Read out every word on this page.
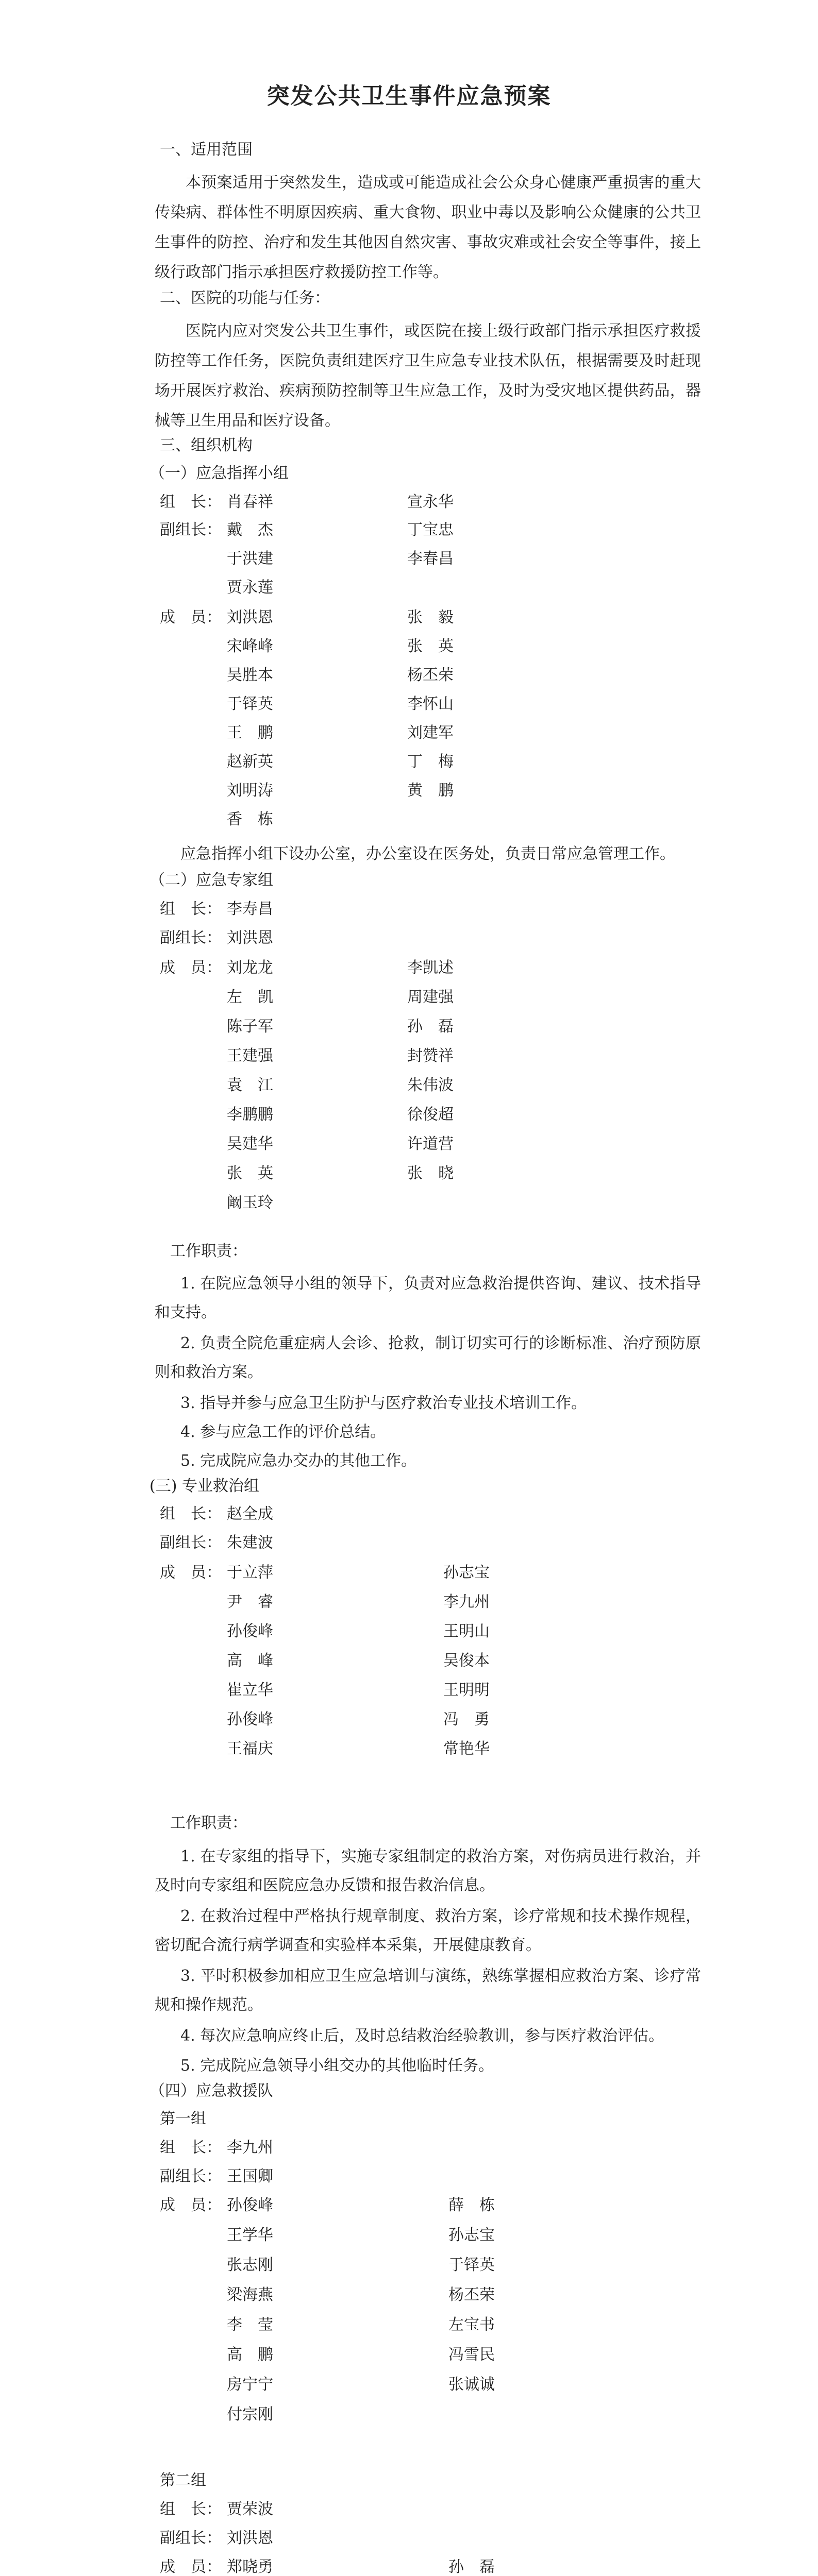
突发公共卫生事件应急预案
一、适用范围
本预案适用于突然发生，造成或可能造成社会公众身心健康严重损害的重大传染病、群体性不明原因疾病、重大食物、职业中毒以及影响公众健康的公共卫生事件的防控、治疗和发生其他因自然灾害、事故灾难或社会安全等事件，接上级行政部门指示承担医疗救援防控工作等。
二、医院的功能与任务：
医院内应对突发公共卫生事件，或医院在接上级行政部门指示承担医疗救援防控等工作任务，医院负责组建医疗卫生应急专业技术队伍，根据需要及时赶现场开展医疗救治、疾病预防控制等卫生应急工作，及时为受灾地区提供药品，器械等卫生用品和医疗设备。
三、组织机构
（一）应急指挥小组
组　长： 肖春祥	宣永华
副组长： 戴　杰
于洪建
贾永莲
丁宝忠
李春昌
成　员： 刘洪恩
宋峰峰
吴胜本
于铎英
王　鹏
赵新英
刘明涛
香　栋
张　毅
张　英
杨丕荣
李怀山
刘建军
丁　梅
黄　鹏
应急指挥小组下设办公室，办公室设在医务处，负责日常应急管理工作。
（二）应急专家组
组　长： 李寿昌
副组长： 刘洪恩
成　员： 刘龙龙
左　凯
陈子军
王建强
袁　江
李鹏鹏
吴建华
张　英
阚玉玲
李凯述
周建强
孙　磊
封赞祥
朱伟波
徐俊超
许道营
张　晓
工作职责：
1. 在院应急领导小组的领导下，负责对应急救治提供咨询、建议、技术指导和支持。
2. 负责全院危重症病人会诊、抢救，制订切实可行的诊断标准、治疗预防原则和救治方案。
3. 指导并参与应急卫生防护与医疗救治专业技术培训工作。
4. 参与应急工作的评价总结。
5. 完成院应急办交办的其他工作。
(三) 专业救治组
组　长： 赵全成
副组长： 朱建波
成　员： 于立萍
尹　睿
孙俊峰
高　峰
崔立华
孙俊峰
王福庆
孙志宝
李九州
王明山
吴俊本
王明明
冯　勇
常艳华
工作职责：
1. 在专家组的指导下，实施专家组制定的救治方案，对伤病员进行救治，并及时向专家组和医院应急办反馈和报告救治信息。
2. 在救治过程中严格执行规章制度、救治方案，诊疗常规和技术操作规程，密切配合流行病学调查和实验样本采集，开展健康教育。
3. 平时积极参加相应卫生应急培训与演练，熟练掌握相应救治方案、诊疗常规和操作规范。
4. 每次应急响应终止后，及时总结救治经验教训，参与医疗救治评估。
5. 完成院应急领导小组交办的其他临时任务。
（四）应急救援队
第一组
组　长： 李九州
副组长： 王国卿
成　员： 孙俊峰
王学华
张志刚
梁海燕
李　莹
高　鹏
房宁宁
付宗刚
薛　栋
孙志宝
于铎英
杨丕荣
左宝书
冯雪民
张诚诚
第二组
组　长： 贾荣波
副组长： 刘洪恩
成　员： 郑晓勇	孙　磊
